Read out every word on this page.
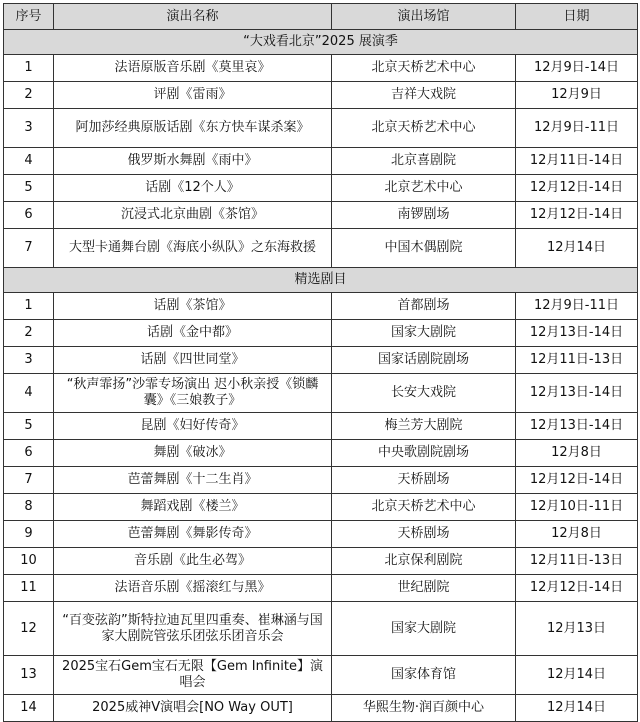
序号	演出名称	演出场馆	日期
“大戏看北京”2025 展演季			
1	法语原版音乐剧《莫里哀》	北京天桥艺术中心	12月9日-14日
2	评剧《雷雨》	吉祥大戏院	12月9日
3	阿加莎经典原版话剧《东方快车谋杀案》	北京天桥艺术中心	12月9日-11日
4	俄罗斯水舞剧《雨中》	北京喜剧院	12月11日-14日
5	话剧《12个人》	北京艺术中心	12月12日-14日
6	沉浸式北京曲剧《茶馆》	南锣剧场	12月12日-14日
7	大型卡通舞台剧《海底小纵队》之东海救援	中国木偶剧院	12月14日
精选剧目			
1	话剧《茶馆》	首都剧场	12月9日-11日
2	话剧《金中都》	国家大剧院	12月13日-14日
3	话剧《四世同堂》	国家话剧院剧场	12月11日-13日
4	“秋声霏扬”沙霏专场演出 迟小秋亲授《锁麟囊》《三娘教子》	长安大戏院	12月13日-14日
5	昆剧《妇好传奇》	梅兰芳大剧院	12月13日-14日
6	舞剧《破冰》	中央歌剧院剧场	12月8日
7	芭蕾舞剧《十二生肖》	天桥剧场	12月12日-14日
8	舞蹈戏剧《楼兰》	北京天桥艺术中心	12月10日-11日
9	芭蕾舞剧《舞影传奇》	天桥剧场	12月8日
10	音乐剧《此生必驾》	北京保利剧院	12月11日-13日
11	法语音乐剧《摇滚红与黑》	世纪剧院	12月12日-14日
12	“百变弦韵”斯特拉迪瓦里四重奏、崔琳涵与国家大剧院管弦乐团弦乐团音乐会	国家大剧院	12月13日
13	2025宝石Gem宝石无限【Gem Infinite】演唱会	国家体育馆	12月14日
14	2025威神V演唱会[NO Way OUT]	华熙生物·润百颜中心	12月14日
